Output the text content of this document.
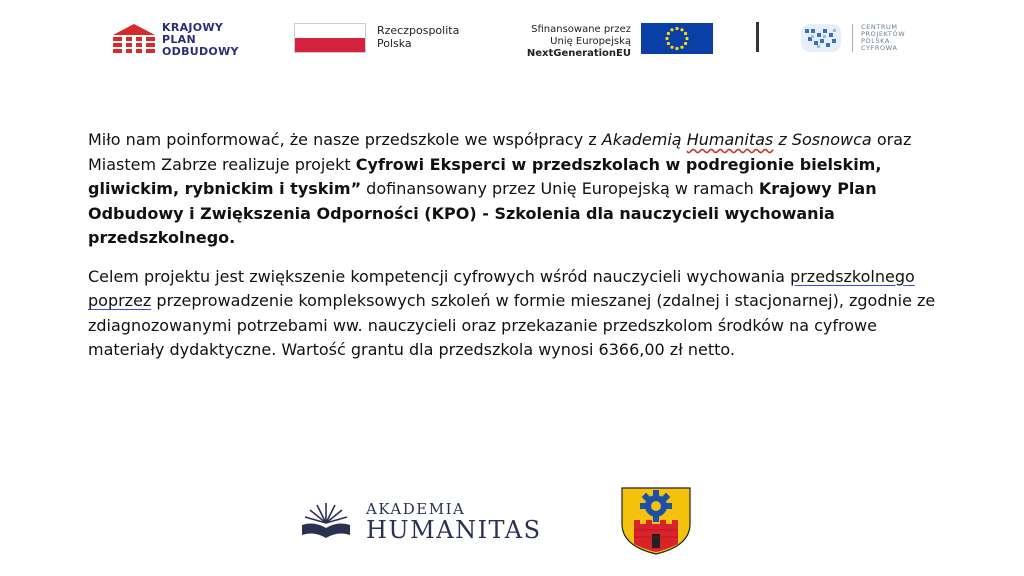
KRAJOWY
PLAN
ODBUDOWY
Rzeczpospolita
Polska
Sfinansowane przez
Unię Europejską
NextGenerationEU
CENTRUM
PROJEKTÓW
POLSKA
CYFROWA

Miło nam poinformować, że nasze przedszkole we współpracy z Akademią Humanitas z Sosnowca oraz Miastem Zabrze realizuje projekt Cyfrowi Eksperci w przedszkolach w podregionie bielskim, gliwickim, rybnickim i tyskim” dofinansowany przez Unię Europejską w ramach Krajowy Plan Odbudowy i Zwiększenia Odporności (KPO) - Szkolenia dla nauczycieli wychowania przedszkolnego.

Celem projektu jest zwiększenie kompetencji cyfrowych wśród nauczycieli wychowania przedszkolnego poprzez przeprowadzenie kompleksowych szkoleń w formie mieszanej (zdalnej i stacjonarnej), zgodnie ze zdiagnozowanymi potrzebami ww. nauczycieli oraz przekazanie przedszkolom środków na cyfrowe materiały dydaktyczne. Wartość grantu dla przedszkola wynosi 6366,00 zł netto.

AKADEMIA
HUMANITAS
